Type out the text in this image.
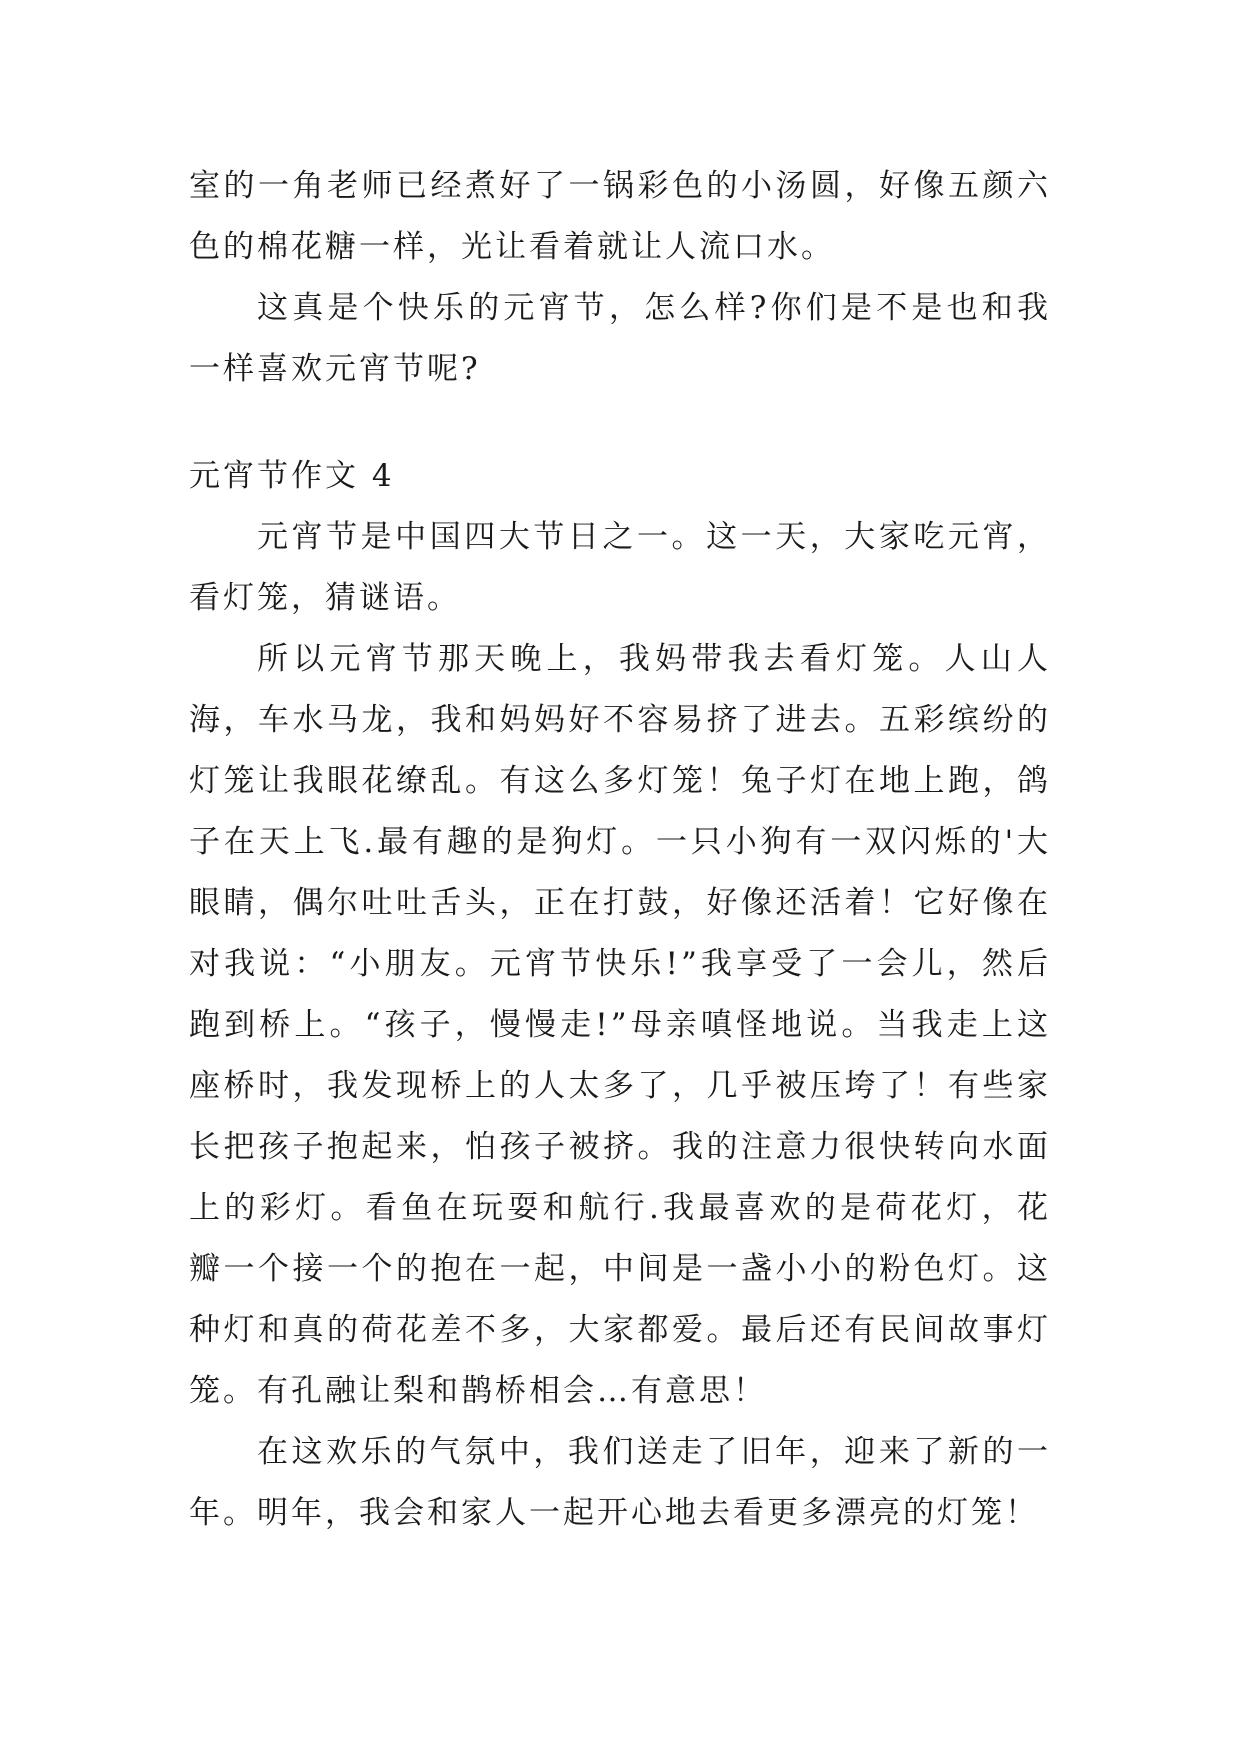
室的一角老师已经煮好了一锅彩色的小汤圆，好像五颜六色的棉花糖一样，光让看着就让人流口水。

这真是个快乐的元宵节，怎么样?你们是不是也和我一样喜欢元宵节呢?

元宵节作文 4

元宵节是中国四大节日之一。这一天，大家吃元宵，看灯笼，猜谜语。

所以元宵节那天晚上，我妈带我去看灯笼。人山人海，车水马龙，我和妈妈好不容易挤了进去。五彩缤纷的灯笼让我眼花缭乱。有这么多灯笼！兔子灯在地上跑，鸽子在天上飞.最有趣的是狗灯。一只小狗有一双闪烁的'大眼睛，偶尔吐吐舌头，正在打鼓，好像还活着！它好像在对我说：“小朋友。元宵节快乐!”我享受了一会儿，然后跑到桥上。“孩子，慢慢走!”母亲嗔怪地说。当我走上这座桥时，我发现桥上的人太多了，几乎被压垮了！有些家长把孩子抱起来，怕孩子被挤。我的注意力很快转向水面上的彩灯。看鱼在玩耍和航行.我最喜欢的是荷花灯，花瓣一个接一个的抱在一起，中间是一盏小小的粉色灯。这种灯和真的荷花差不多，大家都爱。最后还有民间故事灯笼。有孔融让梨和鹊桥相会…有意思！

在这欢乐的气氛中，我们送走了旧年，迎来了新的一年。明年，我会和家人一起开心地去看更多漂亮的灯笼！
